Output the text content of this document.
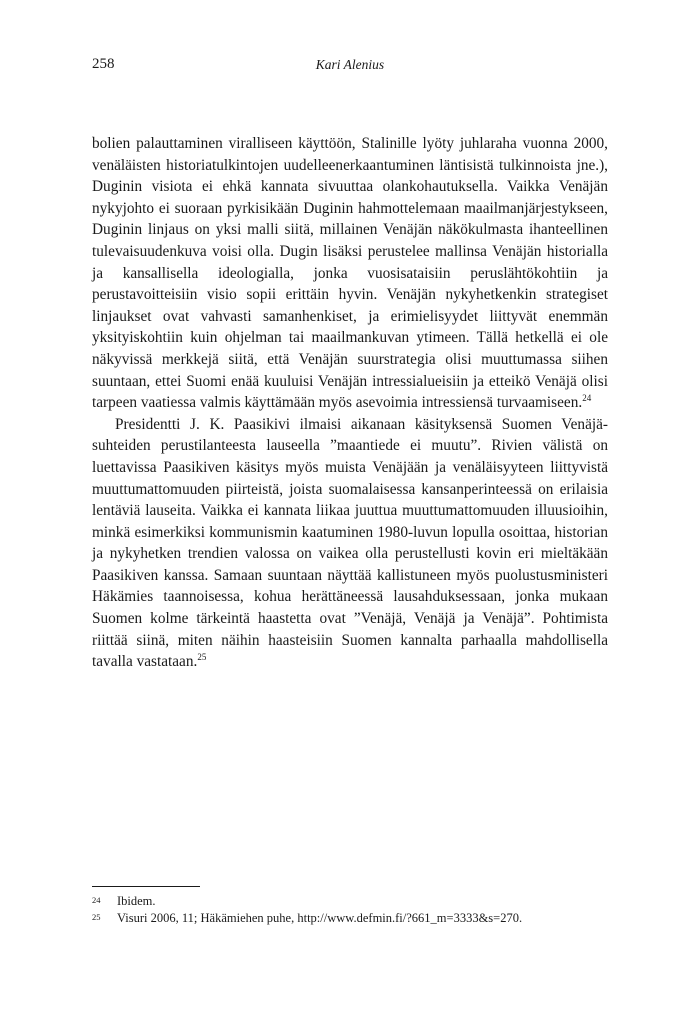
258	Kari Alenius

bolien palauttaminen viralliseen käyttöön, Stalinille lyöty juhlaraha vuonna 2000, venäläisten historiatulkintojen uudelleenerkaantuminen läntisistä tulkinnoista jne.), Duginin visiota ei ehkä kannata sivuuttaa olankohautuksella. Vaikka Venäjän nykyjohto ei suoraan pyrkisikään Duginin hahmottelemaan maailmanjärjestykseen, Duginin linjaus on yksi malli siitä, millainen Venäjän näkökulmasta ihanteellinen tulevaisuudenkuva voisi olla. Dugin lisäksi perustelee mallinsa Venäjän historialla ja kansallisella ideologialla, jonka vuosisataisiin peruslähtökohtiin ja perustavoitteisiin visio sopii erittäin hyvin. Venäjän nykyhetkenkin strategiset linjaukset ovat vahvasti samanhenkiset, ja erimielisyydet liittyvät enemmän yksityiskohtiin kuin ohjelman tai maailmankuvan ytimeen. Tällä hetkellä ei ole näkyvissä merkkejä siitä, että Venäjän suurstrategia olisi muuttumassa siihen suuntaan, ettei Suomi enää kuuluisi Venäjän intressialueisiin ja etteikö Venäjä olisi tarpeen vaatiessa valmis käyttämään myös asevoimia intressiensä turvaamiseen.$^{24}$

Presidentti J. K. Paasikivi ilmaisi aikanaan käsityksensä Suomen Venäjä-suhteiden perustilanteesta lauseella ”maantiede ei muutu”. Rivien välistä on luettavissa Paasikiven käsitys myös muista Venäjään ja venäläisyyteen liittyvistä muuttumattomuuden piirteistä, joista suomalaisessa kansanperinteessä on erilaisia lentäviä lauseita. Vaikka ei kannata liikaa juuttua muuttumattomuuden illuusioihin, minkä esimerkiksi kommunismin kaatuminen 1980-luvun lopulla osoittaa, historian ja nykyhetken trendien valossa on vaikea olla perustellusti kovin eri mieltäkään Paasikiven kanssa. Samaan suuntaan näyttää kallistuneen myös puolustusministeri Häkämies taannoisessa, kohua herättäneessä lausahduksessaan, jonka mukaan Suomen kolme tärkeintä haastetta ovat ”Venäjä, Venäjä ja Venäjä”. Pohtimista riittää siinä, miten näihin haasteisiin Suomen kannalta parhaalla mahdollisella tavalla vastataan.$^{25}$

24	Ibidem.
25	Visuri 2006, 11; Häkämiehen puhe, http://www.defmin.fi/?661_m=3333&s=270.
